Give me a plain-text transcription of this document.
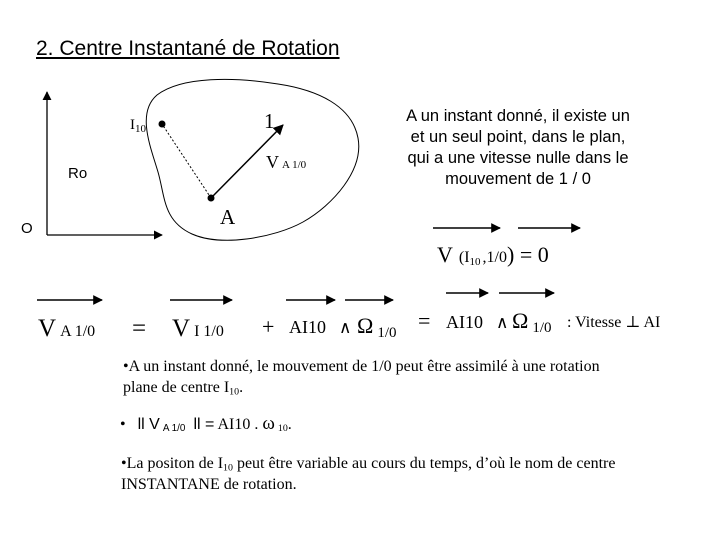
2. Centre Instantané de Rotation
1
$I_{10}$
V A 1/0
Ro
O	A
V (I10 ,1/0) = 0
V A 1/0 = V I 1/0 + AI10 ∧ Ω 1/0 = AI10 ∧ Ω 1/0 : Vitesse ⊥ AI
A un instant donné, il existe un et un seul point, dans le plan, qui a une vitesse nulle dans le mouvement de 1 / 0
•A un instant donné, le mouvement de 1/0 peut être assimilé à une rotation plane de centre $I_{10}$.
• ll V $_{A 1/0}$ ll = AI10 . ω $_{10}$.
•La positon de $I_{10}$ peut être variable au cours du temps, d’où le nom de centre INSTANTANE de rotation.
